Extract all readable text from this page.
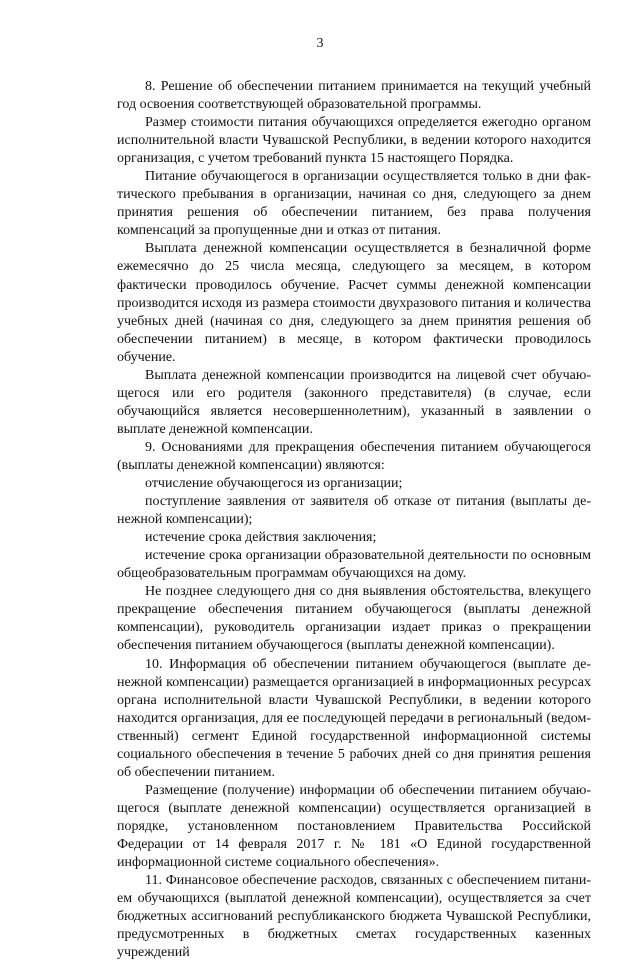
3

8. Решение об обеспечении питанием принимается на текущий учебный год освоения соответствующей образовательной программы.

Размер стоимости питания обучающихся определяется ежегодно органом исполнительной власти Чувашской Республики, в ведении которого находится организация, с учетом требований пункта 15 настоящего Порядка.

Питание обучающегося в организации осуществляется только в дни фактического пребывания в организации, начиная со дня, следующего за днем принятия решения об обеспечении питанием, без права получения компенсаций за пропущенные дни и отказ от питания.

Выплата денежной компенсации осуществляется в безналичной форме ежемесячно до 25 числа месяца, следующего за месяцем, в котором фактически проводилось обучение. Расчет суммы денежной компенсации производится исходя из размера стоимости двухразового питания и количества учебных дней (начиная со дня, следующего за днем принятия решения об обеспечении питанием) в месяце, в котором фактически проводилось обучение.

Выплата денежной компенсации производится на лицевой счет обучающегося или его родителя (законного представителя) (в случае, если обучающийся является несовершеннолетним), указанный в заявлении о выплате денежной компенсации.

9. Основаниями для прекращения обеспечения питанием обучающегося (выплаты денежной компенсации) являются:

отчисление обучающегося из организации;

поступление заявления от заявителя об отказе от питания (выплаты денежной компенсации);

истечение срока действия заключения;

истечение срока организации образовательной деятельности по основным общеобразовательным программам обучающихся на дому.

Не позднее следующего дня со дня выявления обстоятельства, влекущего прекращение обеспечения питанием обучающегося (выплаты денежной компенсации), руководитель организации издает приказ о прекращении обеспечения питанием обучающегося (выплаты денежной компенсации).

10. Информация об обеспечении питанием обучающегося (выплате денежной компенсации) размещается организацией в информационных ресурсах органа исполнительной власти Чувашской Республики, в ведении которого находится организация, для ее последующей передачи в региональный (ведомственный) сегмент Единой государственной информационной системы социального обеспечения в течение 5 рабочих дней со дня принятия решения об обеспечении питанием.

Размещение (получение) информации об обеспечении питанием обучающегося (выплате денежной компенсации) осуществляется организацией в порядке, установленном постановлением Правительства Российской Федерации от 14 февраля 2017 г. № 181 «О Единой государственной информационной системе социального обеспечения».

11. Финансовое обеспечение расходов, связанных с обеспечением питанием обучающихся (выплатой денежной компенсации), осуществляется за счет бюджетных ассигнований республиканского бюджета Чувашской Республики, предусмотренных в бюджетных сметах государственных казенных учреждений
